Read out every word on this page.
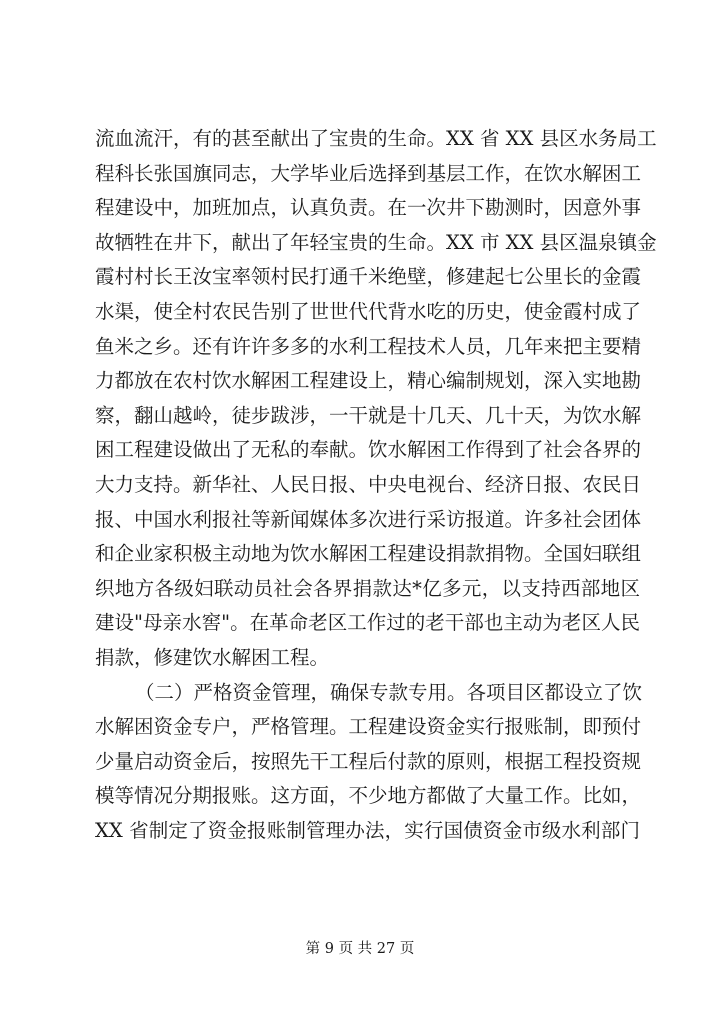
流血流汗，有的甚至献出了宝贵的生命。XX 省 XX 县区水务局工
程科长张国旗同志，大学毕业后选择到基层工作，在饮水解困工
程建设中，加班加点，认真负责。在一次井下勘测时，因意外事
故牺牲在井下，献出了年轻宝贵的生命。XX 市 XX 县区温泉镇金
霞村村长王汝宝率领村民打通千米绝壁，修建起七公里长的金霞
水渠，使全村农民告别了世世代代背水吃的历史，使金霞村成了
鱼米之乡。还有许许多多的水利工程技术人员，几年来把主要精
力都放在农村饮水解困工程建设上，精心编制规划，深入实地勘
察，翻山越岭，徒步跋涉，一干就是十几天、几十天，为饮水解
困工程建设做出了无私的奉献。饮水解困工作得到了社会各界的
大力支持。新华社、人民日报、中央电视台、经济日报、农民日
报、中国水利报社等新闻媒体多次进行采访报道。许多社会团体
和企业家积极主动地为饮水解困工程建设捐款捐物。全国妇联组
织地方各级妇联动员社会各界捐款达*亿多元，以支持西部地区
建设"母亲水窖"。在革命老区工作过的老干部也主动为老区人民
捐款，修建饮水解困工程。
（二）严格资金管理，确保专款专用。各项目区都设立了饮
水解困资金专户，严格管理。工程建设资金实行报账制，即预付
少量启动资金后，按照先干工程后付款的原则，根据工程投资规
模等情况分期报账。这方面，不少地方都做了大量工作。比如，
XX 省制定了资金报账制管理办法，实行国债资金市级水利部门
第 9 页 共 27 页
